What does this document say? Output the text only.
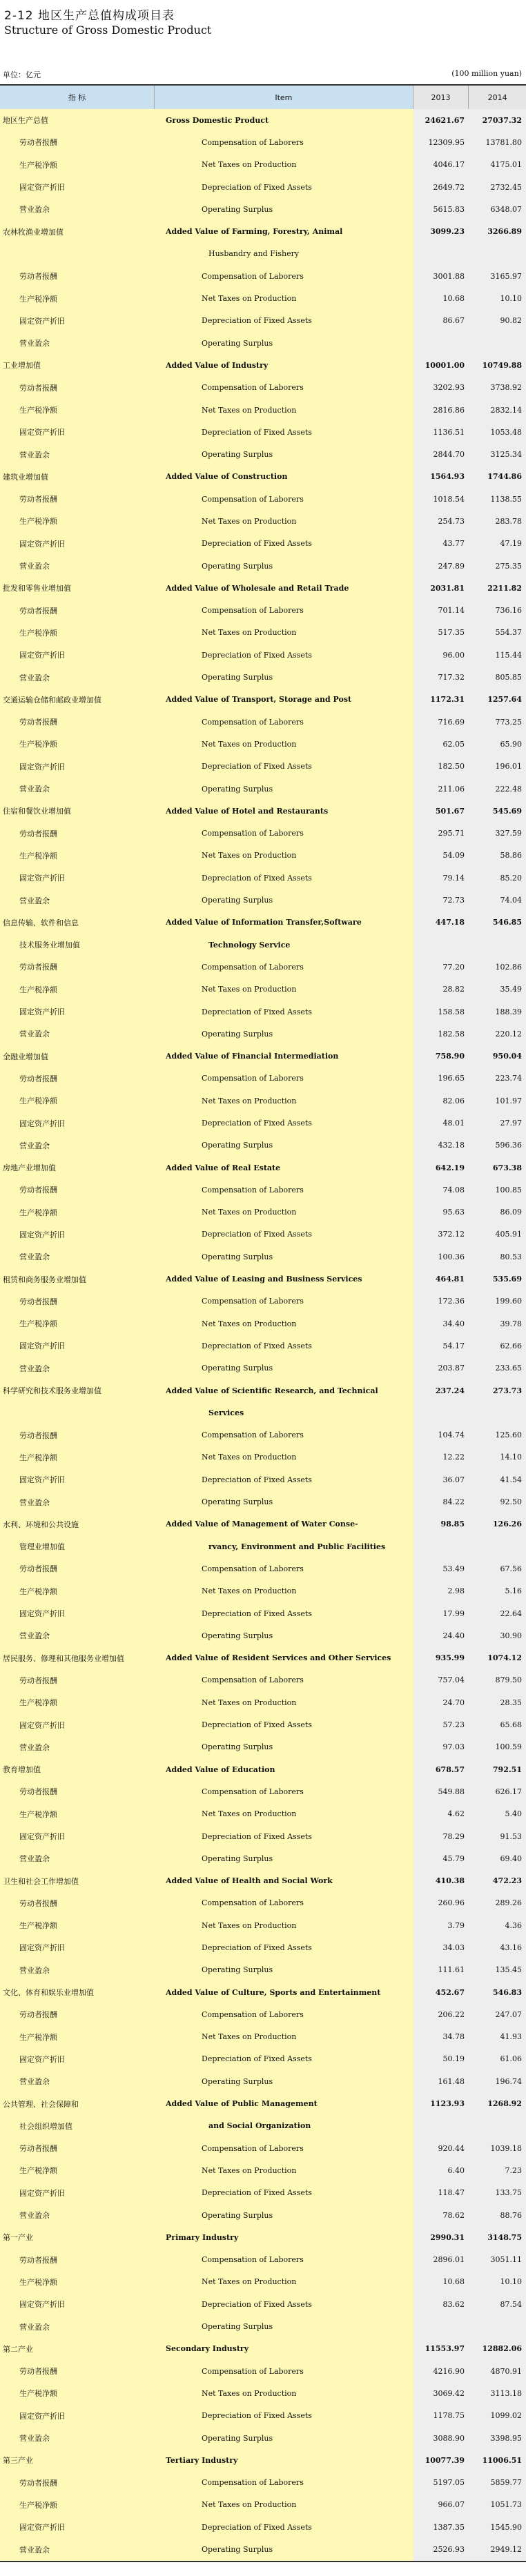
2-12 地区生产总值构成项目表
Structure of Gross Domestic Product
单位：亿元	(100 million yuan)
指 标	Item	2013	2014
地区生产总值	Gross Domestic Product	24621.67	27037.32
劳动者报酬	Compensation of Laborers	12309.95	13781.80
生产税净额	Net Taxes on Production	4046.17	4175.01
固定资产折旧	Depreciation of Fixed Assets	2649.72	2732.45
营业盈余	Operating Surplus	5615.83	6348.07
农林牧渔业增加值	Added Value of Farming, Forestry, Animal	3099.23	3266.89
Husbandry and Fishery
劳动者报酬	Compensation of Laborers	3001.88	3165.97
生产税净额	Net Taxes on Production	10.68	10.10
固定资产折旧	Depreciation of Fixed Assets	86.67	90.82
营业盈余	Operating Surplus
工业增加值	Added Value of Industry	10001.00	10749.88
劳动者报酬	Compensation of Laborers	3202.93	3738.92
生产税净额	Net Taxes on Production	2816.86	2832.14
固定资产折旧	Depreciation of Fixed Assets	1136.51	1053.48
营业盈余	Operating Surplus	2844.70	3125.34
建筑业增加值	Added Value of Construction	1564.93	1744.86
劳动者报酬	Compensation of Laborers	1018.54	1138.55
生产税净额	Net Taxes on Production	254.73	283.78
固定资产折旧	Depreciation of Fixed Assets	43.77	47.19
营业盈余	Operating Surplus	247.89	275.35
批发和零售业增加值	Added Value of Wholesale and Retail Trade	2031.81	2211.82
劳动者报酬	Compensation of Laborers	701.14	736.16
生产税净额	Net Taxes on Production	517.35	554.37
固定资产折旧	Depreciation of Fixed Assets	96.00	115.44
营业盈余	Operating Surplus	717.32	805.85
交通运输仓储和邮政业增加值	Added Value of Transport, Storage and Post	1172.31	1257.64
劳动者报酬	Compensation of Laborers	716.69	773.25
生产税净额	Net Taxes on Production	62.05	65.90
固定资产折旧	Depreciation of Fixed Assets	182.50	196.01
营业盈余	Operating Surplus	211.06	222.48
住宿和餐饮业增加值	Added Value of Hotel and Restaurants	501.67	545.69
劳动者报酬	Compensation of Laborers	295.71	327.59
生产税净额	Net Taxes on Production	54.09	58.86
固定资产折旧	Depreciation of Fixed Assets	79.14	85.20
营业盈余	Operating Surplus	72.73	74.04
信息传输、软件和信息	Added Value of Information Transfer,Software	447.18	546.85
技术服务业增加值	Technology Service
劳动者报酬	Compensation of Laborers	77.20	102.86
生产税净额	Net Taxes on Production	28.82	35.49
固定资产折旧	Depreciation of Fixed Assets	158.58	188.39
营业盈余	Operating Surplus	182.58	220.12
金融业增加值	Added Value of Financial Intermediation	758.90	950.04
劳动者报酬	Compensation of Laborers	196.65	223.74
生产税净额	Net Taxes on Production	82.06	101.97
固定资产折旧	Depreciation of Fixed Assets	48.01	27.97
营业盈余	Operating Surplus	432.18	596.36
房地产业增加值	Added Value of Real Estate	642.19	673.38
劳动者报酬	Compensation of Laborers	74.08	100.85
生产税净额	Net Taxes on Production	95.63	86.09
固定资产折旧	Depreciation of Fixed Assets	372.12	405.91
营业盈余	Operating Surplus	100.36	80.53
租赁和商务服务业增加值	Added Value of Leasing and Business Services	464.81	535.69
劳动者报酬	Compensation of Laborers	172.36	199.60
生产税净额	Net Taxes on Production	34.40	39.78
固定资产折旧	Depreciation of Fixed Assets	54.17	62.66
营业盈余	Operating Surplus	203.87	233.65
科学研究和技术服务业增加值	Added Value of Scientific Research, and Technical	237.24	273.73
Services
劳动者报酬	Compensation of Laborers	104.74	125.60
生产税净额	Net Taxes on Production	12.22	14.10
固定资产折旧	Depreciation of Fixed Assets	36.07	41.54
营业盈余	Operating Surplus	84.22	92.50
水利、环境和公共设施	Added Value of Management of Water Conse-	98.85	126.26
管理业增加值	rvancy, Environment and Public Facilities
劳动者报酬	Compensation of Laborers	53.49	67.56
生产税净额	Net Taxes on Production	2.98	5.16
固定资产折旧	Depreciation of Fixed Assets	17.99	22.64
营业盈余	Operating Surplus	24.40	30.90
居民服务、修理和其他服务业增加值	Added Value of Resident Services and Other Services	935.99	1074.12
劳动者报酬	Compensation of Laborers	757.04	879.50
生产税净额	Net Taxes on Production	24.70	28.35
固定资产折旧	Depreciation of Fixed Assets	57.23	65.68
营业盈余	Operating Surplus	97.03	100.59
教育增加值	Added Value of Education	678.57	792.51
劳动者报酬	Compensation of Laborers	549.88	626.17
生产税净额	Net Taxes on Production	4.62	5.40
固定资产折旧	Depreciation of Fixed Assets	78.29	91.53
营业盈余	Operating Surplus	45.79	69.40
卫生和社会工作增加值	Added Value of Health and Social Work	410.38	472.23
劳动者报酬	Compensation of Laborers	260.96	289.26
生产税净额	Net Taxes on Production	3.79	4.36
固定资产折旧	Depreciation of Fixed Assets	34.03	43.16
营业盈余	Operating Surplus	111.61	135.45
文化、体育和娱乐业增加值	Added Value of Culture, Sports and Entertainment	452.67	546.83
劳动者报酬	Compensation of Laborers	206.22	247.07
生产税净额	Net Taxes on Production	34.78	41.93
固定资产折旧	Depreciation of Fixed Assets	50.19	61.06
营业盈余	Operating Surplus	161.48	196.74
公共管理、社会保障和	Added Value of Public Management	1123.93	1268.92
社会组织增加值	and Social Organization
劳动者报酬	Compensation of Laborers	920.44	1039.18
生产税净额	Net Taxes on Production	6.40	7.23
固定资产折旧	Depreciation of Fixed Assets	118.47	133.75
营业盈余	Operating Surplus	78.62	88.76
第一产业	Primary Industry	2990.31	3148.75
劳动者报酬	Compensation of Laborers	2896.01	3051.11
生产税净额	Net Taxes on Production	10.68	10.10
固定资产折旧	Depreciation of Fixed Assets	83.62	87.54
营业盈余	Operating Surplus
第二产业	Secondary Industry	11553.97	12882.06
劳动者报酬	Compensation of Laborers	4216.90	4870.91
生产税净额	Net Taxes on Production	3069.42	3113.18
固定资产折旧	Depreciation of Fixed Assets	1178.75	1099.02
营业盈余	Operating Surplus	3088.90	3398.95
第三产业	Tertiary Industry	10077.39	11006.51
劳动者报酬	Compensation of Laborers	5197.05	5859.77
生产税净额	Net Taxes on Production	966.07	1051.73
固定资产折旧	Depreciation of Fixed Assets	1387.35	1545.90
营业盈余	Operating Surplus	2526.93	2949.12
